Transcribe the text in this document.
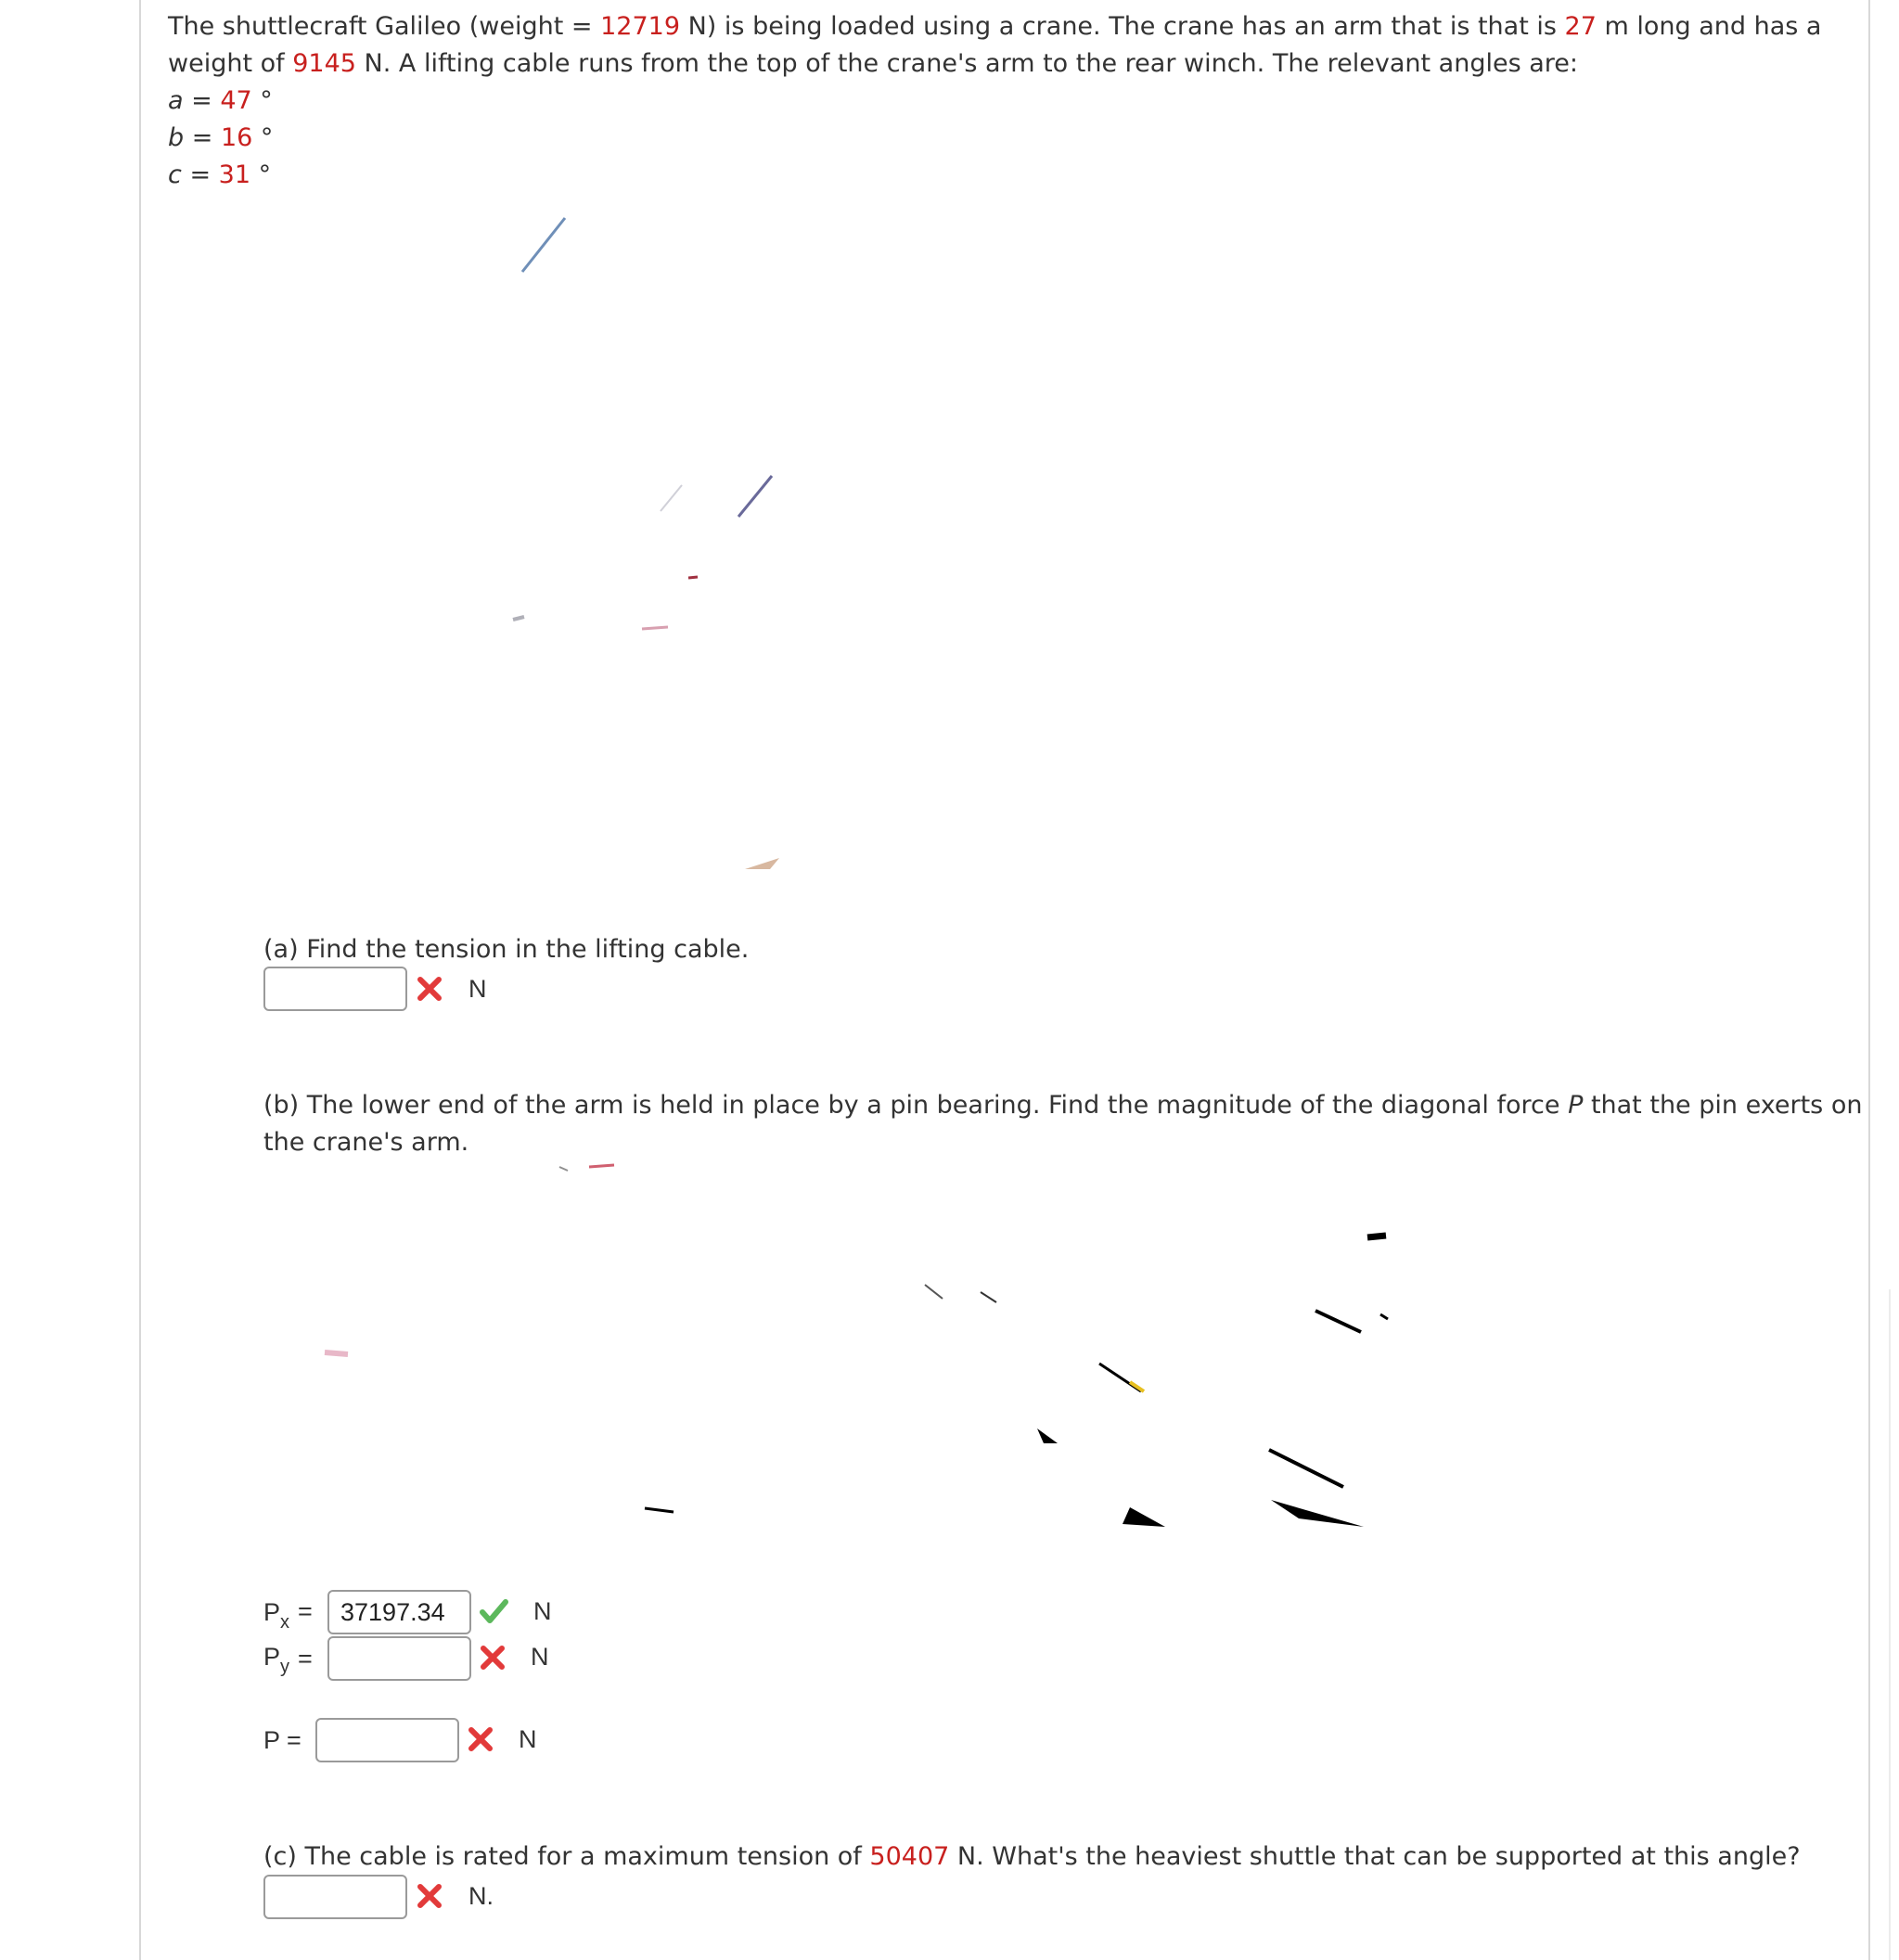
The shuttlecraft Galileo (weight = 12719 N) is being loaded using a crane. The crane has an arm that is that is 27 m long and has a
weight of 9145 N. A lifting cable runs from the top of the crane's arm to the rear winch. The relevant angles are:
a = 47 °
b = 16 °
c = 31 °
(a) Find the tension in the lifting cable.
N
(b) The lower end of the arm is held in place by a pin bearing. Find the magnitude of the diagonal force P that the pin exerts on
the crane's arm.
$P_x$ =	37197.34	N
$P_y$ =	N
P =	N
(c) The cable is rated for a maximum tension of 50407 N. What's the heaviest shuttle that can be supported at this angle?
N.
